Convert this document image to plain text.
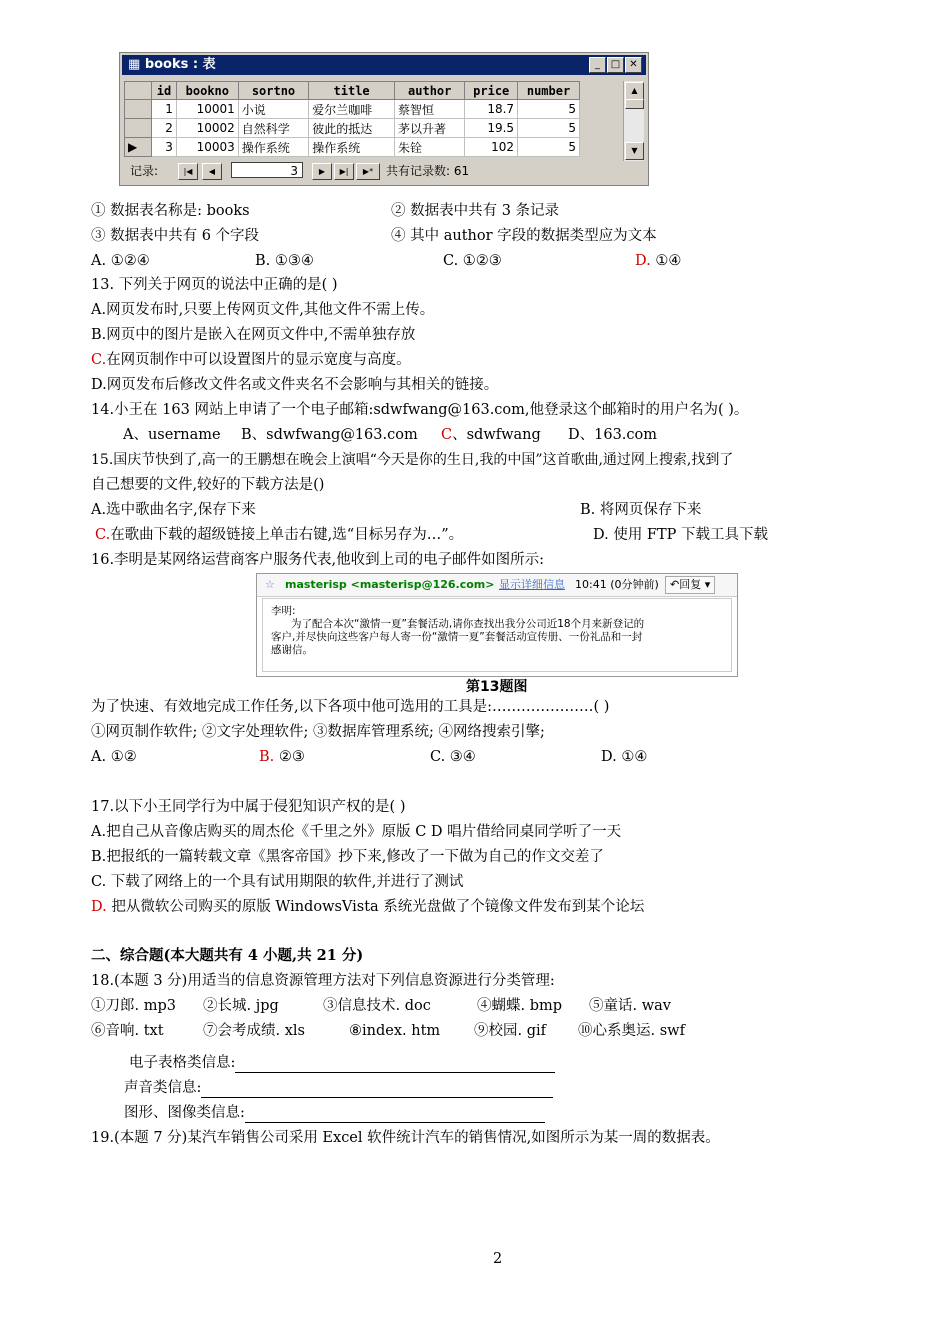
▦ books : 表	_	□ ✕
	id	bookno	sortno	title	author	price	number
	1	10001	小说	爱尔兰咖啡	蔡智恒	18.7	5
	2	10002	自然科学	彼此的抵达	茅以升著	19.5	5
▶	3	10003	操作系统	操作系统	朱铨	102	5
▲
▼
记录:	|◀	◀	3	▶	▶|	▶*	共有记录数: 61
① 数据表名称是: books	② 数据表中共有 3 条记录
③ 数据表中共有 6 个字段	④ 其中 author 字段的数据类型应为文本
A. ①②④	B. ①③④	C. ①②③	D. ①④
13. 下列关于网页的说法中正确的是( )
A.网页发布时,只要上传网页文件,其他文件不需上传。
B.网页中的图片是嵌入在网页文件中,不需单独存放
C.在网页制作中可以设置图片的显示宽度与高度。
D.网页发布后修改文件名或文件夹名不会影响与其相关的链接。
14.小王在 163 网站上申请了一个电子邮箱:sdwfwang@163.com,他登录这个邮箱时的用户名为( )。
A、username B、sdwfwang@163.com C、sdwfwang D、163.com
15.国庆节快到了,高一的王鹏想在晚会上演唱“今天是你的生日,我的中国”这首歌曲,通过网上搜索,找到了
自己想要的文件,较好的下载方法是()
A.选中歌曲名字,保存下来	B. 将网页保存下来
C.在歌曲下载的超级链接上单击右键,选“目标另存为…”。	D. 使用 FTP 下载工具下载
16.李明是某网络运营商客户服务代表,他收到上司的电子邮件如图所示:
☆ masterisp <masterisp@126.com> 显示详细信息 10:41 (0分钟前)	↶回复 ▾
李明:
为了配合本次“激情一夏”套餐活动,请你查找出我分公司近18个月来新登记的
客户,并尽快向这些客户每人寄一份“激情一夏”套餐活动宣传册、一份礼品和一封
感谢信。
第13题图
为了快速、有效地完成工作任务,以下各项中他可选用的工具是:…………………( )
①网页制作软件; ②文字处理软件; ③数据库管理系统; ④网络搜索引擎;
A. ①②	B. ②③	C. ③④	D. ①④
17.以下小王同学行为中属于侵犯知识产权的是( )
A.把自己从音像店购买的周杰伦《千里之外》原版 C D 唱片借给同桌同学听了一天
B.把报纸的一篇转载文章《黑客帝国》抄下来,修改了一下做为自己的作文交差了
C. 下载了网络上的一个具有试用期限的软件,并进行了测试
D. 把从微软公司购买的原版 WindowsVista 系统光盘做了个镜像文件发布到某个论坛
二、综合题(本大题共有 4 小题,共 21 分)
18.(本题 3 分)用适当的信息资源管理方法对下列信息资源进行分类管理:
①刀郎. mp3 ②长城. jpg	③信息技术. doc	④蝴蝶. bmp ⑤童话. wav
⑥音响. txt	⑦会考成绩. xls	⑧index. htm ⑨校园. gif ⑩心系奥运. swf
电子表格类信息:
声音类信息:
图形、图像类信息:
19.(本题 7 分)某汽车销售公司采用 Excel 软件统计汽车的销售情况,如图所示为某一周的数据表。
2
